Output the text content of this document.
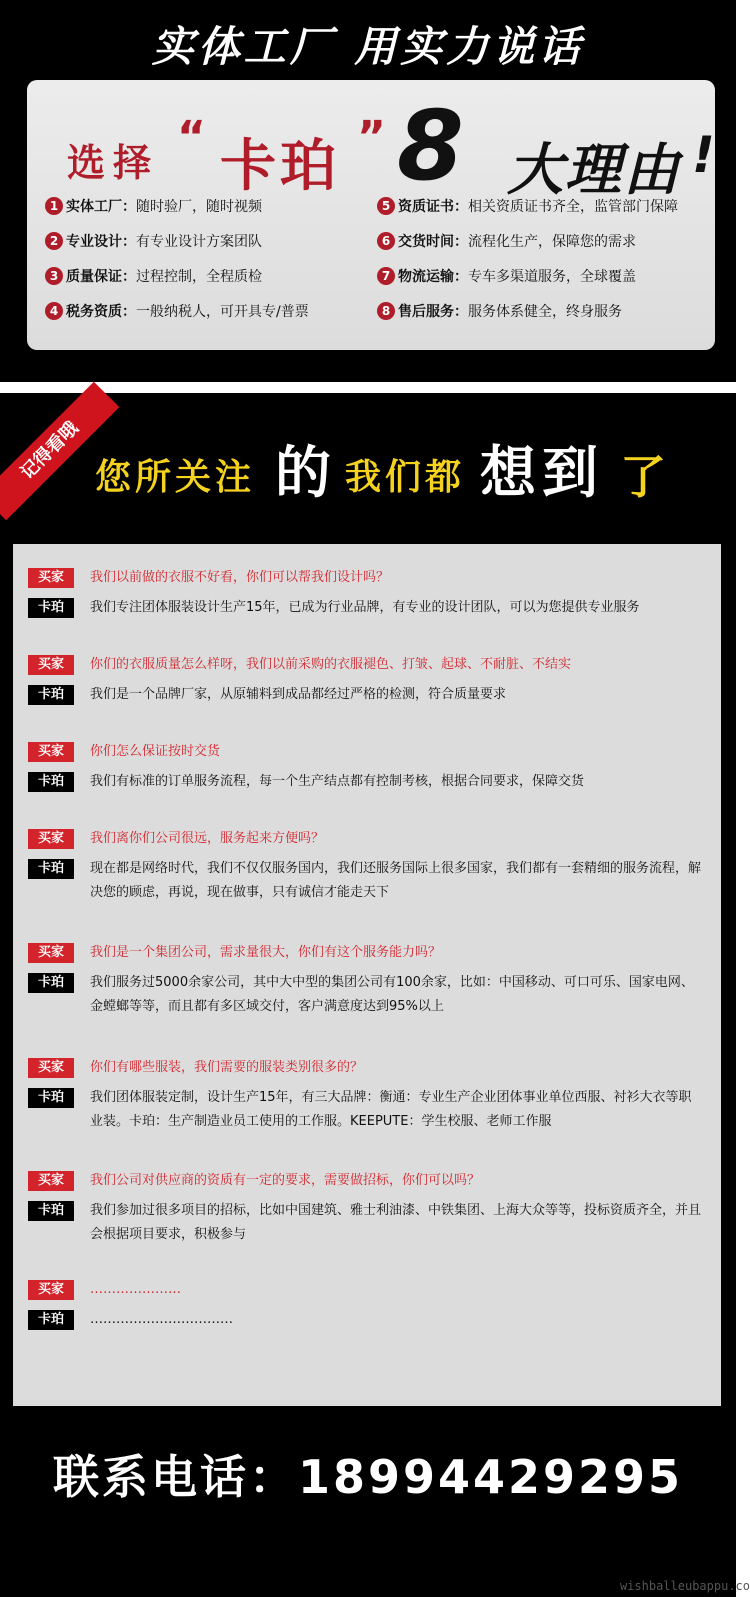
实体工厂 用实力说话
选择 “ 卡珀 ” 8 大理由 !
1 实体工厂： 随时验厂，随时视频
2 专业设计： 有专业设计方案团队
3 质量保证： 过程控制，全程质检
4 税务资质： 一般纳税人，可开具专/普票
5 资质证书： 相关资质证书齐全，监管部门保障
6 交货时间： 流程化生产，保障您的需求
7 物流运输： 专车多渠道服务，全球覆盖
8 售后服务： 服务体系健全，终身服务
记得看哦 您所关注 的 我们都 想到 了
买家	我们以前做的衣服不好看，你们可以帮我们设计吗？
卡珀	我们专注团体服装设计生产15年，已成为行业品牌，有专业的设计团队，可以为您提供专业服务
买家	你们的衣服质量怎么样呀，我们以前采购的衣服褪色、打皱、起球、不耐脏、不结实
卡珀	我们是一个品牌厂家，从原辅料到成品都经过严格的检测，符合质量要求
买家	你们怎么保证按时交货
卡珀	我们有标准的订单服务流程，每一个生产结点都有控制考核，根据合同要求，保障交货
买家	我们离你们公司很远，服务起来方便吗？
卡珀	现在都是网络时代，我们不仅仅服务国内，我们还服务国际上很多国家，我们都有一套精细的服务流程，解决您的顾虑，再说，现在做事，只有诚信才能走天下
买家	我们是一个集团公司，需求量很大，你们有这个服务能力吗？
卡珀	我们服务过5000余家公司，其中大中型的集团公司有100余家，比如：中国移动、可口可乐、国家电网、金螳螂等等，而且都有多区域交付，客户满意度达到95%以上
买家	你们有哪些服装，我们需要的服装类别很多的？
卡珀	我们团体服装定制，设计生产15年，有三大品牌：衡通：专业生产企业团体事业单位西服、衬衫大衣等职业装。卡珀：生产制造业员工使用的工作服。KEEPUTE：学生校服、老师工作服
买家	我们公司对供应商的资质有一定的要求，需要做招标，你们可以吗？
卡珀	我们参加过很多项目的招标，比如中国建筑、雅士利油漆、中铁集团、上海大众等等，投标资质齐全，并且会根据项目要求，积极参与
买家	…………………
卡珀	……………………………
联系电话：18994429295
wishballeubappu.co
